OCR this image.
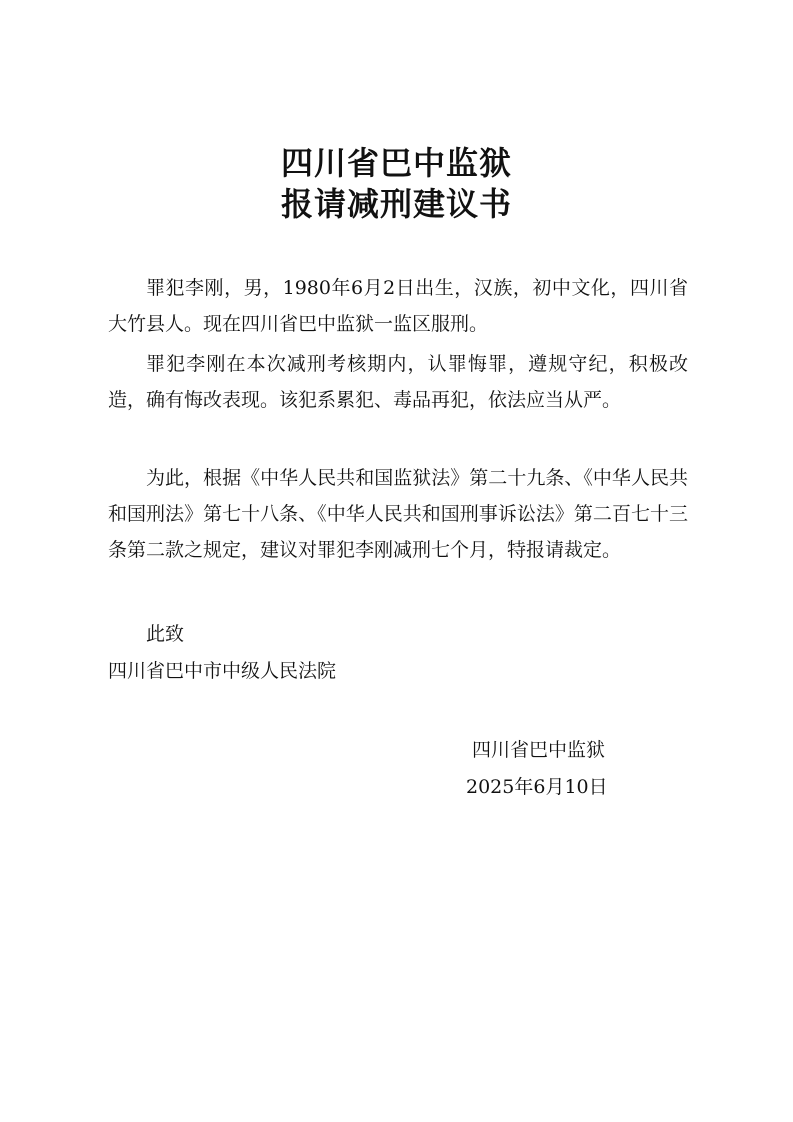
四川省巴中监狱
报请减刑建议书

罪犯李刚，男，1980年6月2日出生，汉族，初中文化，四川省大竹县人。现在四川省巴中监狱一监区服刑。

罪犯李刚在本次减刑考核期内，认罪悔罪，遵规守纪，积极改造，确有悔改表现。该犯系累犯、毒品再犯，依法应当从严。

为此，根据《中华人民共和国监狱法》第二十九条、《中华人民共和国刑法》第七十八条、《中华人民共和国刑事诉讼法》第二百七十三条第二款之规定，建议对罪犯李刚减刑七个月，特报请裁定。

此致
四川省巴中市中级人民法院
四川省巴中监狱
2025年6月10日
